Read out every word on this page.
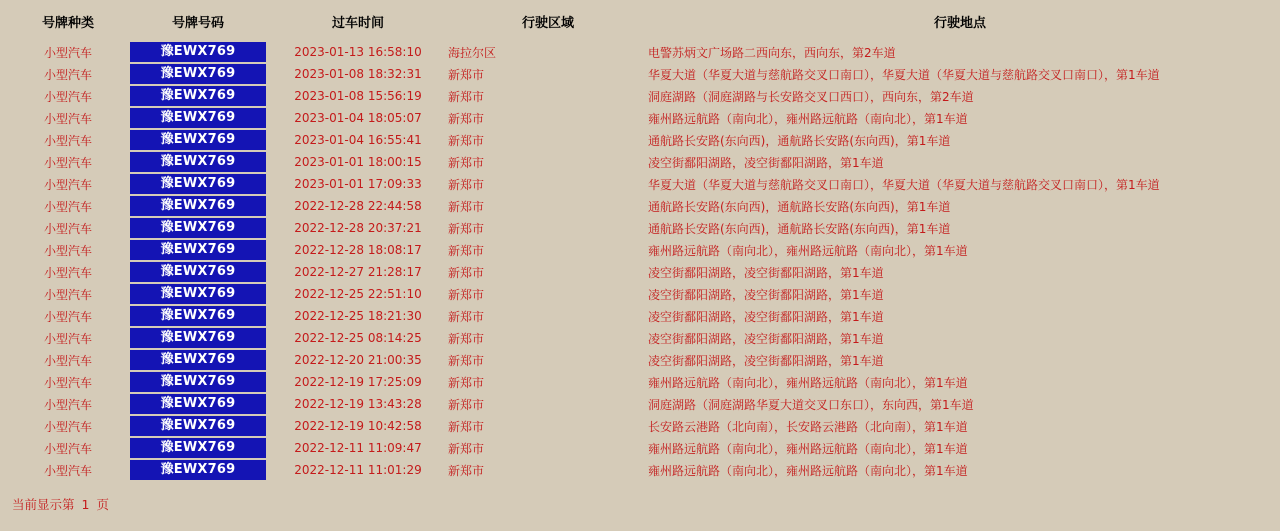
号牌种类	号牌号码	过车时间	行驶区域	行驶地点
小型汽车	豫EWX769	2023-01-13 16:58:10	海拉尔区	电警苏炳文广场路二西向东，西向东，第2车道
小型汽车	豫EWX769	2023-01-08 18:32:31	新郑市	华夏大道（华夏大道与慈航路交叉口南口），华夏大道（华夏大道与慈航路交叉口南口），第1车道
小型汽车	豫EWX769	2023-01-08 15:56:19	新郑市	洞庭湖路（洞庭湖路与长安路交叉口西口），西向东，第2车道
小型汽车	豫EWX769	2023-01-04 18:05:07	新郑市	雍州路远航路（南向北），雍州路远航路（南向北），第1车道
小型汽车	豫EWX769	2023-01-04 16:55:41	新郑市	通航路长安路(东向西)，通航路长安路(东向西)，第1车道
小型汽车	豫EWX769	2023-01-01 18:00:15	新郑市	凌空街鄱阳湖路，凌空街鄱阳湖路，第1车道
小型汽车	豫EWX769	2023-01-01 17:09:33	新郑市	华夏大道（华夏大道与慈航路交叉口南口），华夏大道（华夏大道与慈航路交叉口南口），第1车道
小型汽车	豫EWX769	2022-12-28 22:44:58	新郑市	通航路长安路(东向西)，通航路长安路(东向西)，第1车道
小型汽车	豫EWX769	2022-12-28 20:37:21	新郑市	通航路长安路(东向西)，通航路长安路(东向西)，第1车道
小型汽车	豫EWX769	2022-12-28 18:08:17	新郑市	雍州路远航路（南向北），雍州路远航路（南向北），第1车道
小型汽车	豫EWX769	2022-12-27 21:28:17	新郑市	凌空街鄱阳湖路，凌空街鄱阳湖路，第1车道
小型汽车	豫EWX769	2022-12-25 22:51:10	新郑市	凌空街鄱阳湖路，凌空街鄱阳湖路，第1车道
小型汽车	豫EWX769	2022-12-25 18:21:30	新郑市	凌空街鄱阳湖路，凌空街鄱阳湖路，第1车道
小型汽车	豫EWX769	2022-12-25 08:14:25	新郑市	凌空街鄱阳湖路，凌空街鄱阳湖路，第1车道
小型汽车	豫EWX769	2022-12-20 21:00:35	新郑市	凌空街鄱阳湖路，凌空街鄱阳湖路，第1车道
小型汽车	豫EWX769	2022-12-19 17:25:09	新郑市	雍州路远航路（南向北），雍州路远航路（南向北），第1车道
小型汽车	豫EWX769	2022-12-19 13:43:28	新郑市	洞庭湖路（洞庭湖路华夏大道交叉口东口），东向西，第1车道
小型汽车	豫EWX769	2022-12-19 10:42:58	新郑市	长安路云港路（北向南），长安路云港路（北向南），第1车道
小型汽车	豫EWX769	2022-12-11 11:09:47	新郑市	雍州路远航路（南向北），雍州路远航路（南向北），第1车道
小型汽车	豫EWX769	2022-12-11 11:01:29	新郑市	雍州路远航路（南向北），雍州路远航路（南向北），第1车道
当前显示第 1 页
